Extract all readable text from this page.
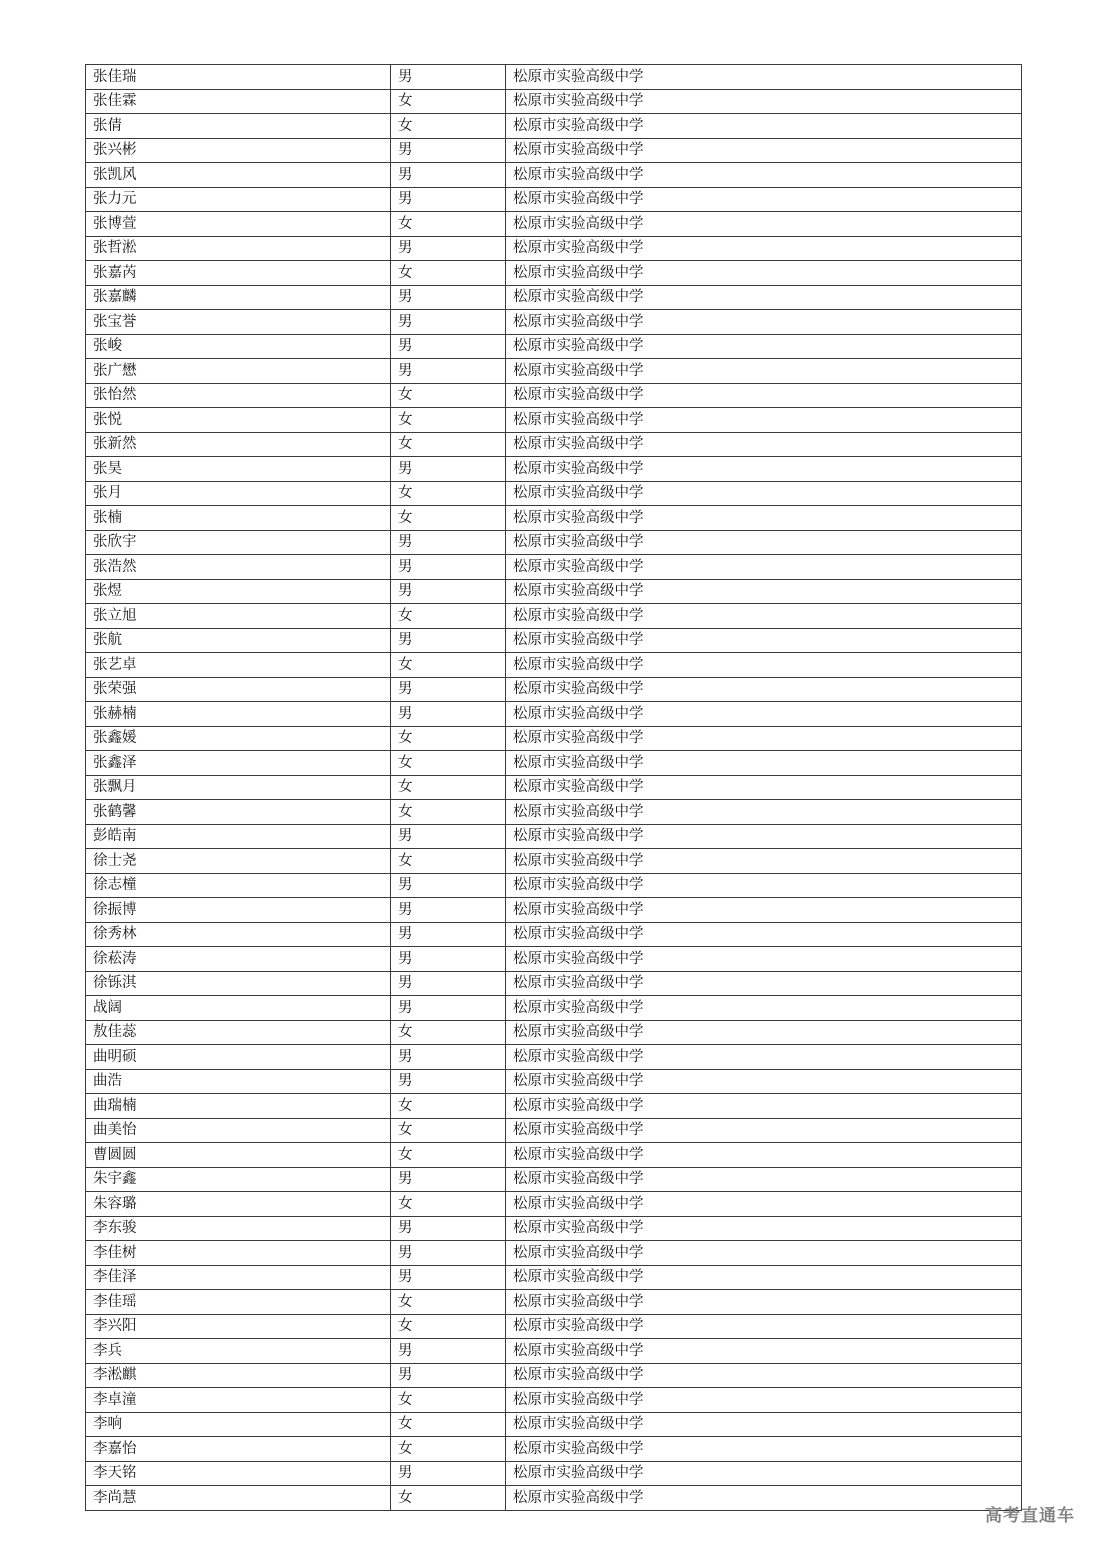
张佳瑞	男	松原市实验高级中学
张佳霖	女	松原市实验高级中学
张倩	女	松原市实验高级中学
张兴彬	男	松原市实验高级中学
张凯风	男	松原市实验高级中学
张力元	男	松原市实验高级中学
张博萱	女	松原市实验高级中学
张哲淞	男	松原市实验高级中学
张嘉芮	女	松原市实验高级中学
张嘉麟	男	松原市实验高级中学
张宝誉	男	松原市实验高级中学
张峻	男	松原市实验高级中学
张广懋	男	松原市实验高级中学
张怡然	女	松原市实验高级中学
张悦	女	松原市实验高级中学
张新然	女	松原市实验高级中学
张昊	男	松原市实验高级中学
张月	女	松原市实验高级中学
张楠	女	松原市实验高级中学
张欣宇	男	松原市实验高级中学
张浩然	男	松原市实验高级中学
张煜	男	松原市实验高级中学
张立旭	女	松原市实验高级中学
张航	男	松原市实验高级中学
张艺卓	女	松原市实验高级中学
张荣强	男	松原市实验高级中学
张赫楠	男	松原市实验高级中学
张鑫媛	女	松原市实验高级中学
张鑫泽	女	松原市实验高级中学
张飘月	女	松原市实验高级中学
张鹤馨	女	松原市实验高级中学
彭皓南	男	松原市实验高级中学
徐士尧	女	松原市实验高级中学
徐志橦	男	松原市实验高级中学
徐振博	男	松原市实验高级中学
徐秀林	男	松原市实验高级中学
徐菘涛	男	松原市实验高级中学
徐铄淇	男	松原市实验高级中学
战阔	男	松原市实验高级中学
敖佳蕊	女	松原市实验高级中学
曲明硕	男	松原市实验高级中学
曲浩	男	松原市实验高级中学
曲瑞楠	女	松原市实验高级中学
曲美怡	女	松原市实验高级中学
曹圆圆	女	松原市实验高级中学
朱宇鑫	男	松原市实验高级中学
朱容璐	女	松原市实验高级中学
李东骏	男	松原市实验高级中学
李佳树	男	松原市实验高级中学
李佳泽	男	松原市实验高级中学
李佳瑶	女	松原市实验高级中学
李兴阳	女	松原市实验高级中学
李兵	男	松原市实验高级中学
李淞麒	男	松原市实验高级中学
李卓潼	女	松原市实验高级中学
李响	女	松原市实验高级中学
李嘉怡	女	松原市实验高级中学
李天铭	男	松原市实验高级中学
李尚慧	女	松原市实验高级中学
高考直通车
